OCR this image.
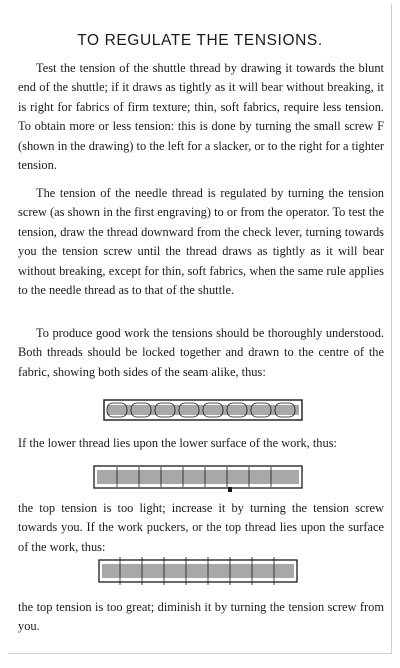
TO REGULATE THE TENSIONS.

Test the tension of the shuttle thread by drawing it towards the blunt end of the shuttle; if it draws as tightly as it will bear without breaking, it is right for fabrics of firm texture; thin, soft fabrics, require less tension. To obtain more or less tension: this is done by turning the small screw F (shown in the drawing) to the left for a slacker, or to the right for a tighter tension.

The tension of the needle thread is regulated by turning the tension screw (as shown in the first engraving) to or from the operator. To test the tension, draw the thread downward from the check lever, turning towards you the tension screw until the thread draws as tightly as it will bear without breaking, except for thin, soft fabrics, when the same rule applies to the needle thread as to that of the shuttle.

To produce good work the tensions should be thoroughly understood. Both threads should be locked together and drawn to the centre of the fabric, showing both sides of the seam alike, thus:

If the lower thread lies upon the lower surface of the work, thus:

the top tension is too light; increase it by turning the tension screw towards you. If the work puckers, or the top thread lies upon the surface of the work, thus:

the top tension is too great; diminish it by turning the tension screw from you.
